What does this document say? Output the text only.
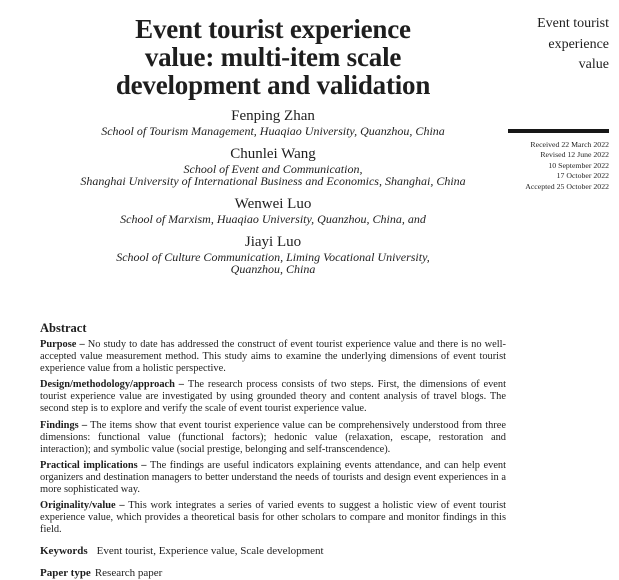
Event tourist experience
value: multi-item scale
development and validation
Fenping Zhan
School of Tourism Management, Huaqiao University, Quanzhou, China
Chunlei Wang
School of Event and Communication,
Shanghai University of International Business and Economics, Shanghai, China
Wenwei Luo
School of Marxism, Huaqiao University, Quanzhou, China, and
Jiayi Luo
School of Culture Communication, Liming Vocational University,
Quanzhou, China
Abstract

Purpose – No study to date has addressed the construct of event tourist experience value and there is no well-accepted value measurement method. This study aims to examine the underlying dimensions of event tourist experience value from a holistic perspective.

Design/methodology/approach – The research process consists of two steps. First, the dimensions of event tourist experience value are investigated by using grounded theory and content analysis of travel blogs. The second step is to explore and verify the scale of event tourist experience value.

Findings – The items show that event tourist experience value can be comprehensively understood from three dimensions: functional value (functional factors); hedonic value (relaxation, escape, restoration and interaction); and symbolic value (social prestige, belonging and self-transcendence).

Practical implications – The findings are useful indicators explaining events attendance, and can help event organizers and destination managers to better understand the needs of tourists and design event experiences in a more sophisticated way.

Originality/value – This work integrates a series of varied events to suggest a holistic view of event tourist experience value, which provides a theoretical basis for other scholars to compare and monitor findings in this field.

Keywords Event tourist, Experience value, Scale development
Paper type Research paper
Event tourist
experience
value
Received 22 March 2022
Revised 12 June 2022
10 September 2022
17 October 2022
Accepted 25 October 2022
